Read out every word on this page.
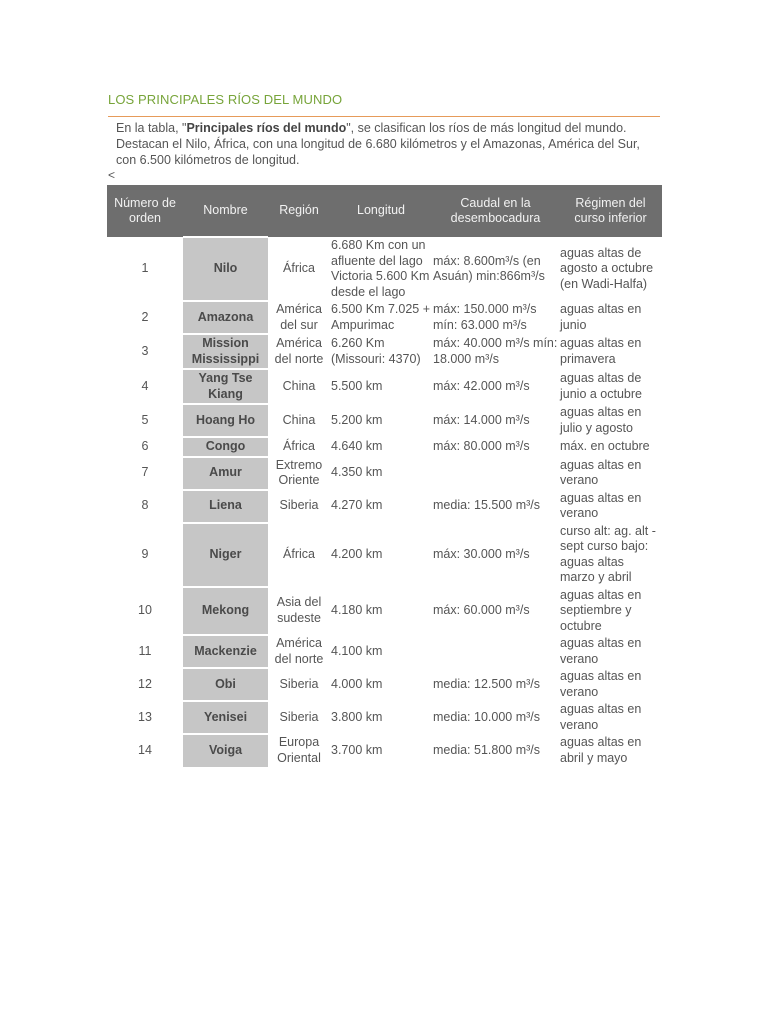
LOS PRINCIPALES RÍOS DEL MUNDO
En la tabla, "Principales ríos del mundo", se clasifican los ríos de más longitud del mundo. Destacan el Nilo, África, con una longitud de 6.680 kilómetros y el Amazonas, América del Sur, con 6.500 kilómetros de longitud.
<
Número de orden	Nombre	Región	Longitud	Caudal en la desembocadura	Régimen del curso inferior
1	Nilo	África	6.680 Km con un afluente del lago Victoria 5.600 Km desde el lago	máx: 8.600m³/s (en Asuán) min:866m³/s	aguas altas de agosto a octubre (en Wadi-Halfa)
2	Amazona	América del sur	6.500 Km 7.025 + Ampurimac	máx: 150.000 m³/s mín: 63.000 m³/s	aguas altas en junio
3	Mission Mississippi	América del norte	6.260 Km (Missouri: 4370)	máx: 40.000 m³/s mín: 18.000 m³/s	aguas altas en primavera
4	Yang Tse Kiang	China	5.500 km	máx: 42.000 m³/s	aguas altas de junio a octubre
5	Hoang Ho	China	5.200 km	máx: 14.000 m³/s	aguas altas en julio y agosto
6	Congo	África	4.640 km	máx: 80.000 m³/s	máx. en octubre
7	Amur	Extremo Oriente	4.350 km		aguas altas en verano
8	Liena	Siberia	4.270 km	media: 15.500 m³/s	aguas altas en verano
9	Niger	África	4.200 km	máx: 30.000 m³/s	curso alt: ag. alt - sept curso bajo: aguas altas marzo y abril
10	Mekong	Asia del sudeste	4.180 km	máx: 60.000 m³/s	aguas altas en septiembre y octubre
11	Mackenzie	América del norte	4.100 km		aguas altas en verano
12	Obi	Siberia	4.000 km	media: 12.500 m³/s	aguas altas en verano
13	Yenisei	Siberia	3.800 km	media: 10.000 m³/s	aguas altas en verano
14	Voiga	Europa Oriental	3.700 km	media: 51.800 m³/s	aguas altas en abril y mayo
